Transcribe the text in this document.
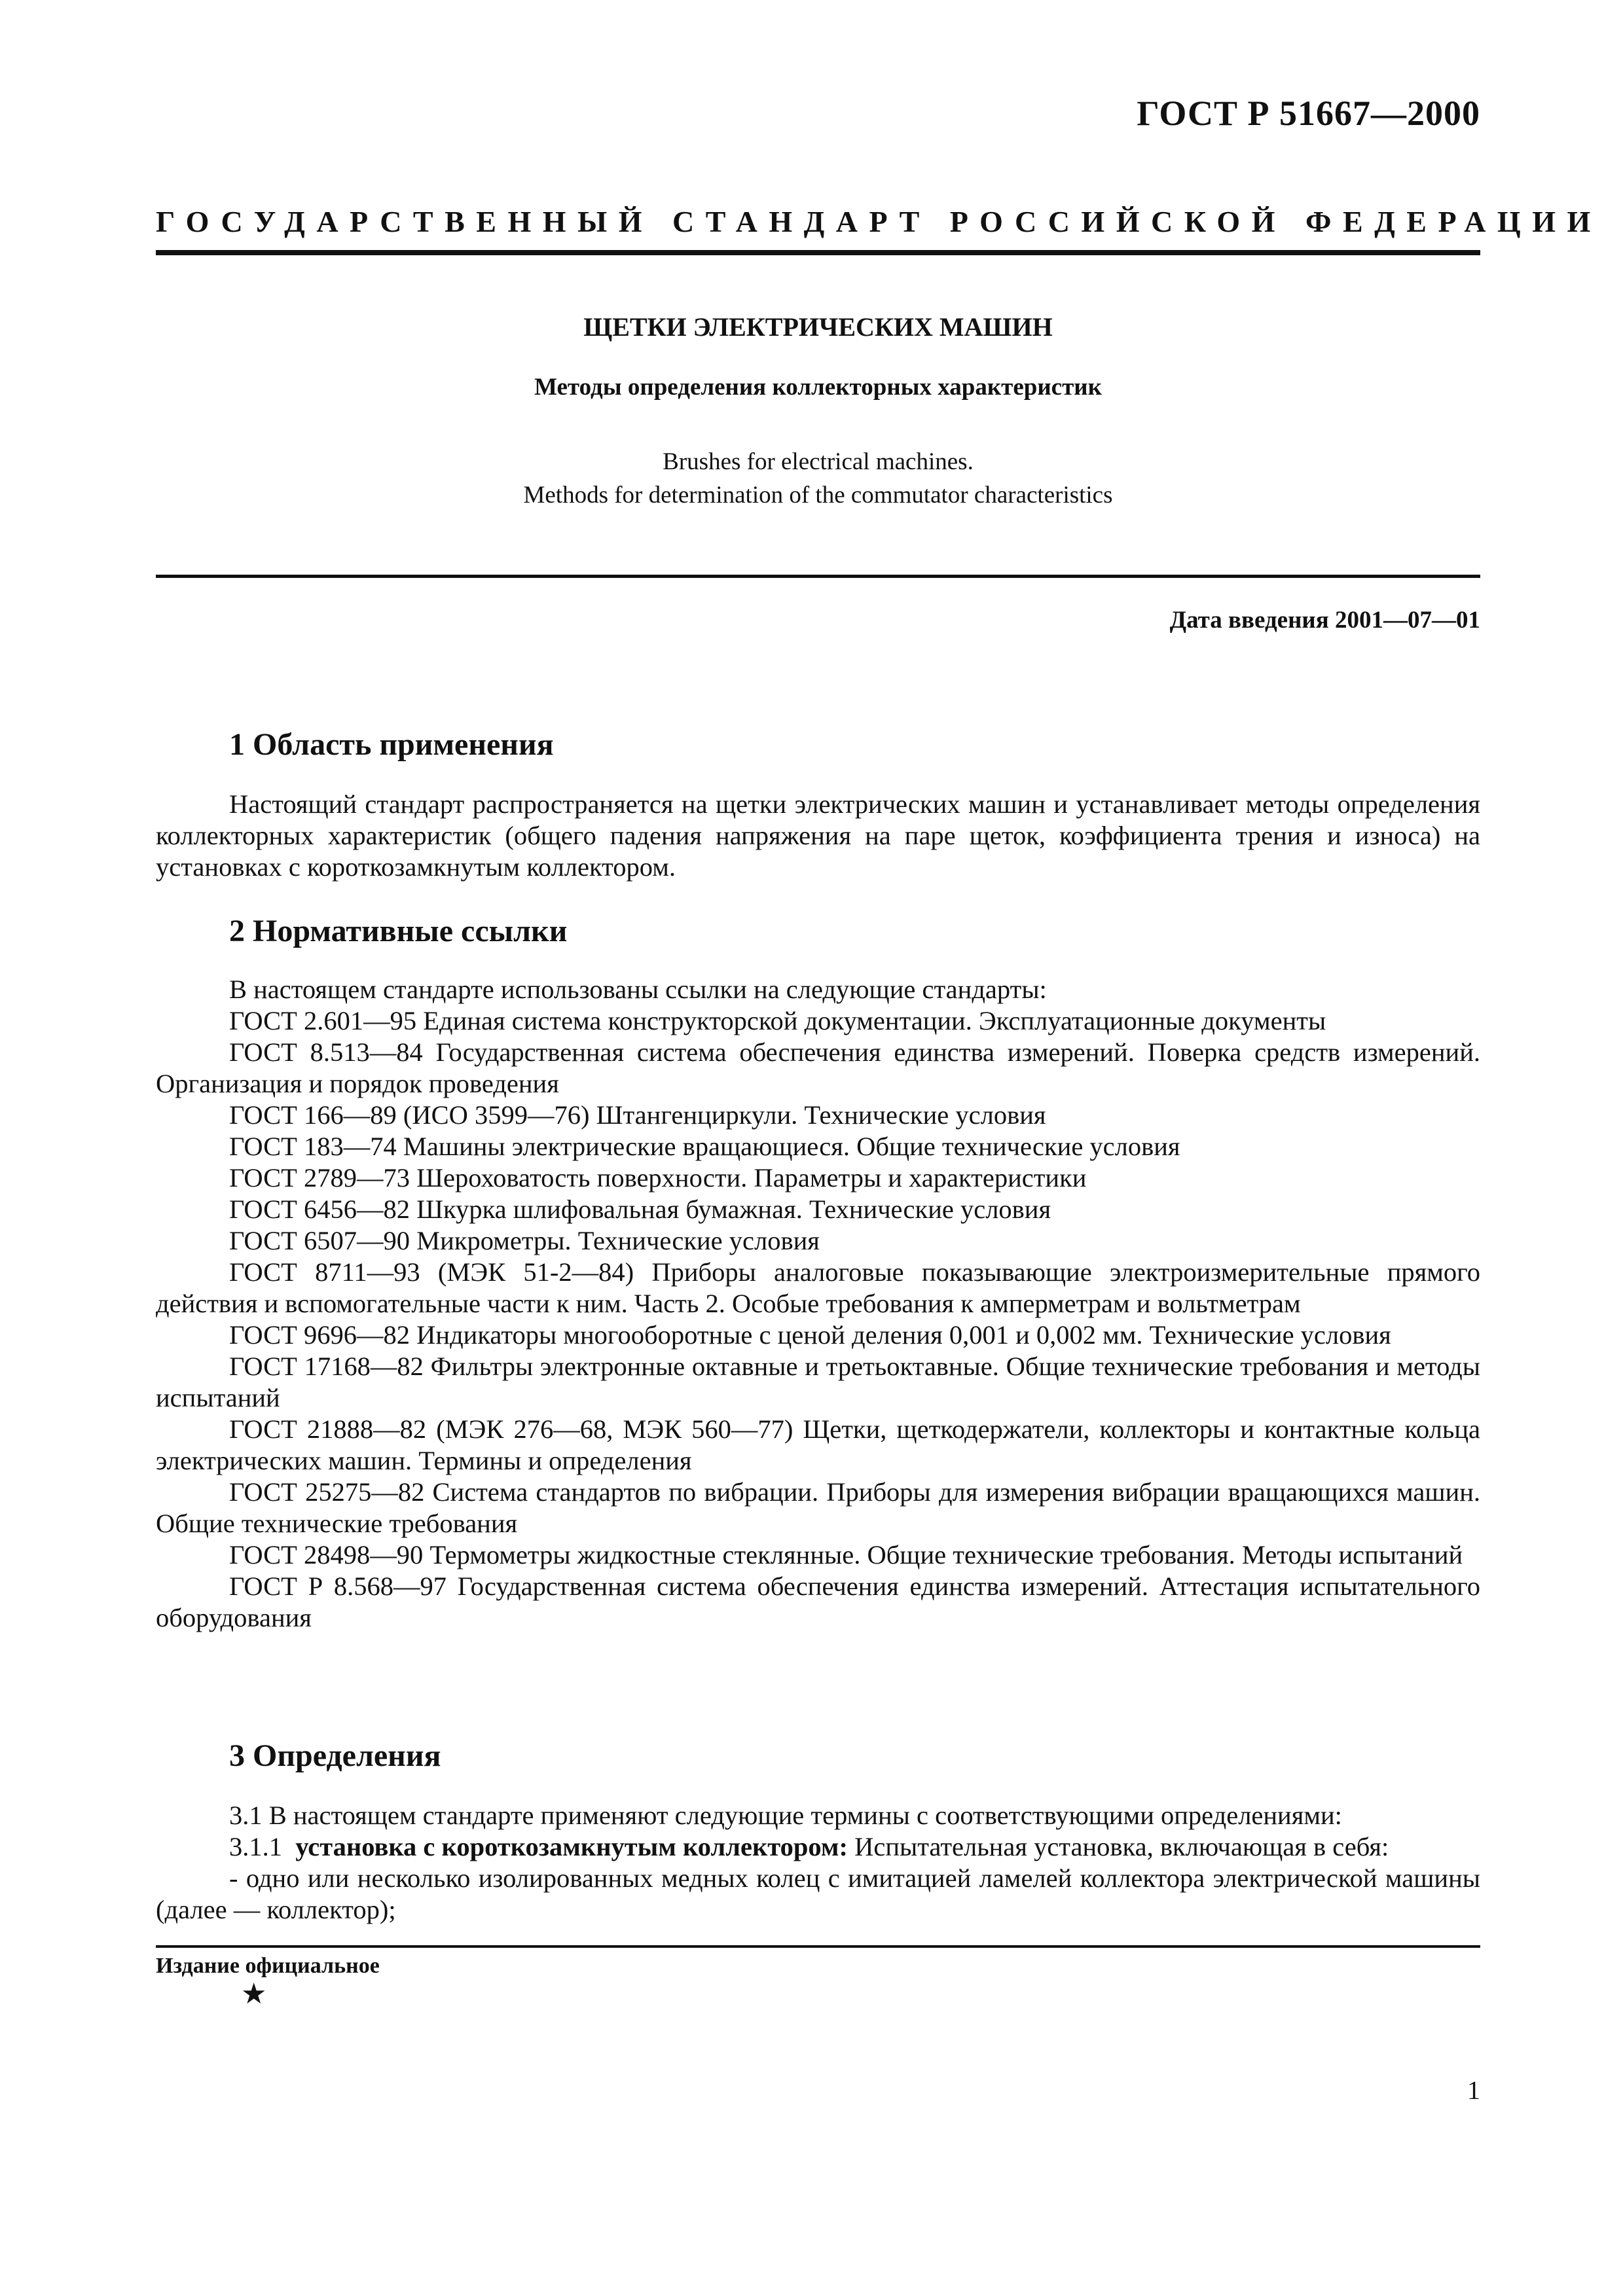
ГОСТ Р 51667—2000
ГОСУДАРСТВЕННЫЙ СТАНДАРТ РОССИЙСКОЙ ФЕДЕРАЦИИ
ЩЕТКИ ЭЛЕКТРИЧЕСКИХ МАШИН
Методы определения коллекторных характеристик
Brushes for electrical machines.
Methods for determination of the commutator characteristics
Дата введения 2001—07—01
1 Область применения

Настоящий стандарт распространяется на щетки электрических машин и устанавливает методы определения коллекторных характеристик (общего падения напряжения на паре щеток, коэффициента трения и износа) на установках с короткозамкнутым коллектором.

2 Нормативные ссылки

В настоящем стандарте использованы ссылки на следующие стандарты:

ГОСТ 2.601—95 Единая система конструкторской документации. Эксплуатационные документы

ГОСТ 8.513—84 Государственная система обеспечения единства измерений. Поверка средств измерений. Организация и порядок проведения

ГОСТ 166—89 (ИСО 3599—76) Штангенциркули. Технические условия

ГОСТ 183—74 Машины электрические вращающиеся. Общие технические условия

ГОСТ 2789—73 Шероховатость поверхности. Параметры и характеристики

ГОСТ 6456—82 Шкурка шлифовальная бумажная. Технические условия

ГОСТ 6507—90 Микрометры. Технические условия

ГОСТ 8711—93 (МЭК 51-2—84) Приборы аналоговые показывающие электроизмерительные прямого действия и вспомогательные части к ним. Часть 2. Особые требования к амперметрам и вольтметрам

ГОСТ 9696—82 Индикаторы многооборотные с ценой деления 0,001 и 0,002 мм. Технические условия

ГОСТ 17168—82 Фильтры электронные октавные и третьоктавные. Общие технические требования и методы испытаний

ГОСТ 21888—82 (МЭК 276—68, МЭК 560—77) Щетки, щеткодержатели, коллекторы и контактные кольца электрических машин. Термины и определения

ГОСТ 25275—82 Система стандартов по вибрации. Приборы для измерения вибрации вращающихся машин. Общие технические требования

ГОСТ 28498—90 Термометры жидкостные стеклянные. Общие технические требования. Методы испытаний

ГОСТ Р 8.568—97 Государственная система обеспечения единства измерений. Аттестация испытательного оборудования

3 Определения

3.1 В настоящем стандарте применяют следующие термины с соответствующими определениями:

3.1.1 установка с короткозамкнутым коллектором: Испытательная установка, включающая в себя:

- одно или несколько изолированных медных колец с имитацией ламелей коллектора электрической машины (далее — коллектор);

Издание официальное
★
1
